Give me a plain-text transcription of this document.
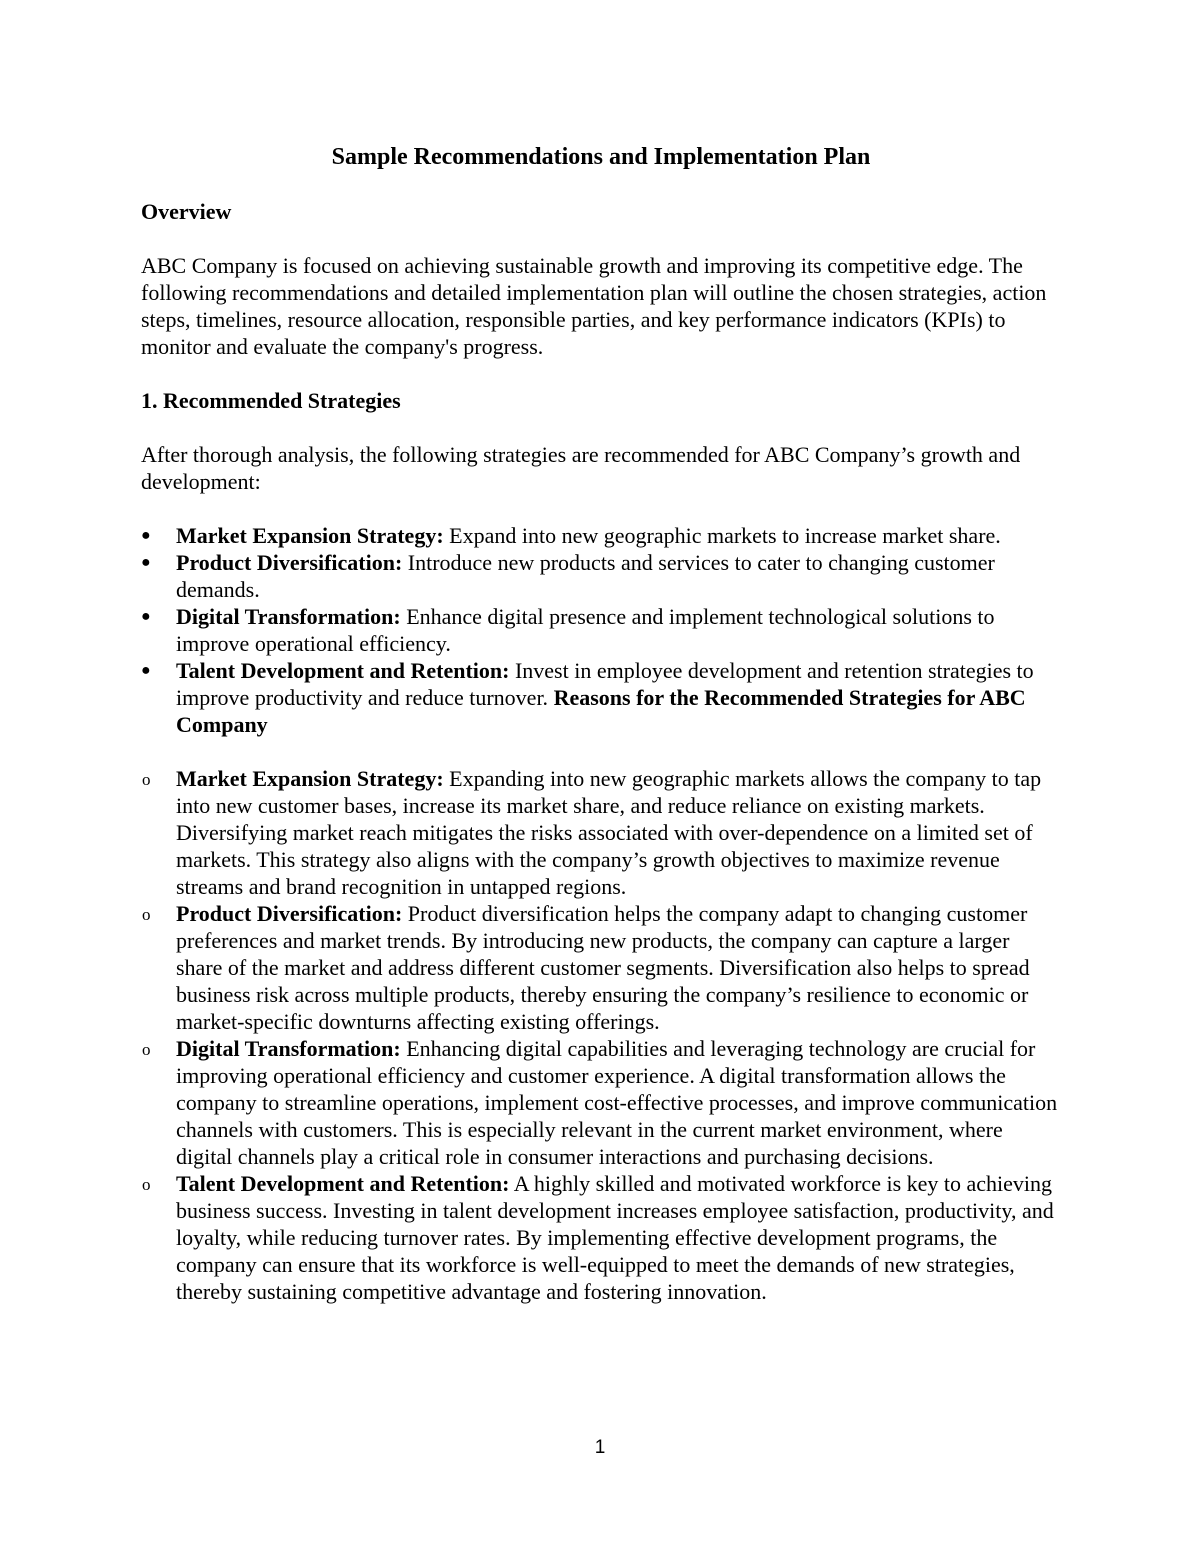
Sample Recommendations and Implementation Plan
Overview

ABC Company is focused on achieving sustainable growth and improving its competitive edge. The following recommendations and detailed implementation plan will outline the chosen strategies, action steps, timelines, resource allocation, responsible parties, and key performance indicators (KPIs) to monitor and evaluate the company's progress.

1. Recommended Strategies

After thorough analysis, the following strategies are recommended for ABC Company’s growth and development:

●	Market Expansion Strategy: Expand into new geographic markets to increase market share.
●	Product Diversification: Introduce new products and services to cater to changing customer demands.
●	Digital Transformation: Enhance digital presence and implement technological solutions to improve operational efficiency.
●	Talent Development and Retention: Invest in employee development and retention strategies to improve productivity and reduce turnover. Reasons for the Recommended Strategies for ABC Company
o	Market Expansion Strategy: Expanding into new geographic markets allows the company to tap into new customer bases, increase its market share, and reduce reliance on existing markets. Diversifying market reach mitigates the risks associated with over-dependence on a limited set of markets. This strategy also aligns with the company’s growth objectives to maximize revenue streams and brand recognition in untapped regions.
o	Product Diversification: Product diversification helps the company adapt to changing customer preferences and market trends. By introducing new products, the company can capture a larger share of the market and address different customer segments. Diversification also helps to spread business risk across multiple products, thereby ensuring the company’s resilience to economic or market-specific downturns affecting existing offerings.
o	Digital Transformation: Enhancing digital capabilities and leveraging technology are crucial for improving operational efficiency and customer experience. A digital transformation allows the company to streamline operations, implement cost-effective processes, and improve communication channels with customers. This is especially relevant in the current market environment, where digital channels play a critical role in consumer interactions and purchasing decisions.
o	Talent Development and Retention: A highly skilled and motivated workforce is key to achieving business success. Investing in talent development increases employee satisfaction, productivity, and loyalty, while reducing turnover rates. By implementing effective development programs, the company can ensure that its workforce is well-equipped to meet the demands of new strategies, thereby sustaining competitive advantage and fostering innovation.
1
